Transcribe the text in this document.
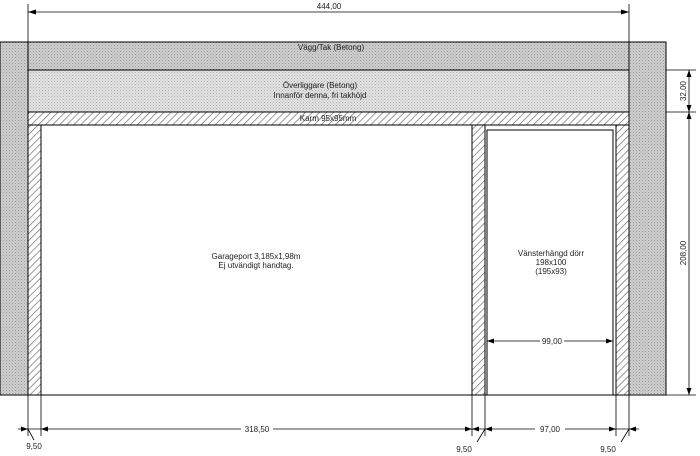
Vägg/Tak (Betong)
Överliggare (Betong)
Innanför denna, fri takhöjd
Karm 95x95mm
Garageport 3,185x1,98m
Ej utvändigt handtag.
Vänsterhängd dörr
198x100
(195x93)
444,00
32,00
208,00
99,00
318,50	97,00
9,50	9,50	9,50
